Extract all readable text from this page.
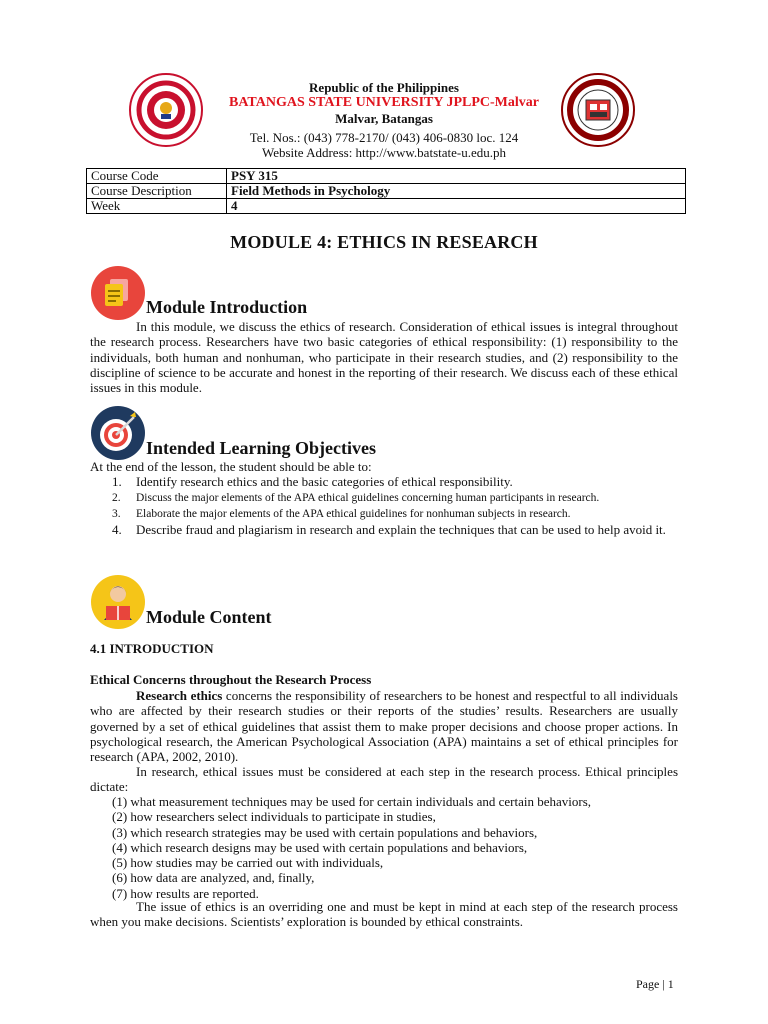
Republic of the Philippines
BATANGAS STATE UNIVERSITY JPLPC-Malvar
Malvar, Batangas
Tel. Nos.: (043) 778-2170/ (043) 406-0830 loc. 124
Website Address: http://www.batstate-u.edu.ph
Course Code	PSY 315
Course Description	Field Methods in Psychology
Week	4
MODULE 4: ETHICS IN RESEARCH
Module Introduction
In this module, we discuss the ethics of research. Consideration of ethical issues is integral throughout the research process. Researchers have two basic categories of ethical responsibility: (1) responsibility to the individuals, both human and nonhuman, who participate in their research studies, and (2) responsibility to the discipline of science to be accurate and honest in the reporting of their research. We discuss each of these ethical issues in this module.
Intended Learning Objectives
At the end of the lesson, the student should be able to:
1. Identify research ethics and the basic categories of ethical responsibility.
2. Discuss the major elements of the APA ethical guidelines concerning human participants in research.
3. Elaborate the major elements of the APA ethical guidelines for nonhuman subjects in research.
4. Describe fraud and plagiarism in research and explain the techniques that can be used to help avoid it.
Module Content
4.1 INTRODUCTION
Ethical Concerns throughout the Research Process
Research ethics concerns the responsibility of researchers to be honest and respectful to all individuals who are affected by their research studies or their reports of the studies’ results. Researchers are usually governed by a set of ethical guidelines that assist them to make proper decisions and choose proper actions. In psychological research, the American Psychological Association (APA) maintains a set of ethical principles for research (APA, 2002, 2010).
In research, ethical issues must be considered at each step in the research process. Ethical principles dictate:
(1) what measurement techniques may be used for certain individuals and certain behaviors,
(2) how researchers select individuals to participate in studies,
(3) which research strategies may be used with certain populations and behaviors,
(4) which research designs may be used with certain populations and behaviors,
(5) how studies may be carried out with individuals,
(6) how data are analyzed, and, finally,
(7) how results are reported.
The issue of ethics is an overriding one and must be kept in mind at each step of the research process when you make decisions. Scientists’ exploration is bounded by ethical constraints.
Page | 1
